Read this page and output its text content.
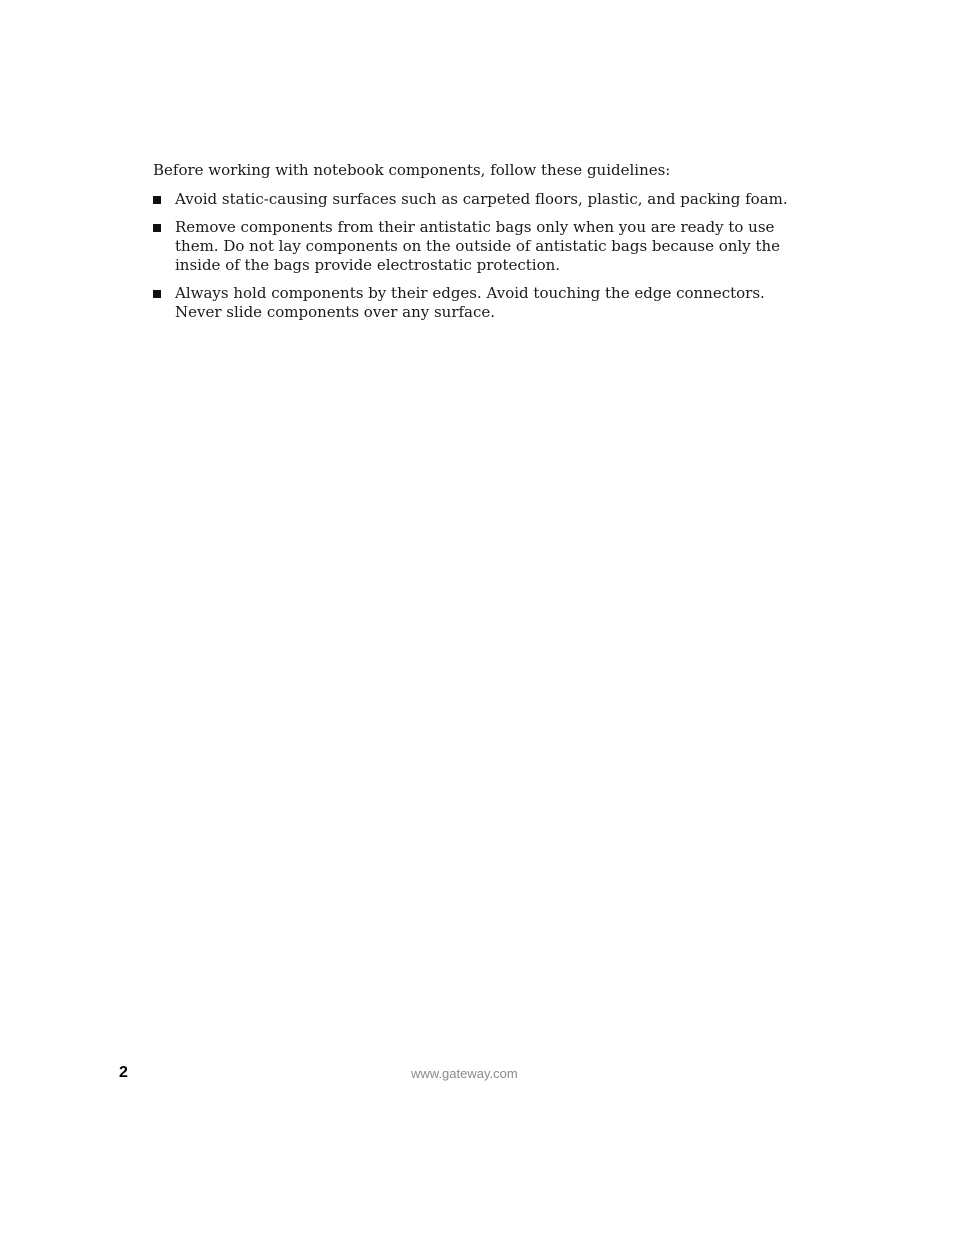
Before working with notebook components, follow these guidelines:

Avoid static-causing surfaces such as carpeted floors, plastic, and packing foam.
Remove components from their antistatic bags only when you are ready to use them. Do not lay components on the outside of antistatic bags because only the inside of the bags provide electrostatic protection.
Always hold components by their edges. Avoid touching the edge connectors. Never slide components over any surface.
2	www.gateway.com
